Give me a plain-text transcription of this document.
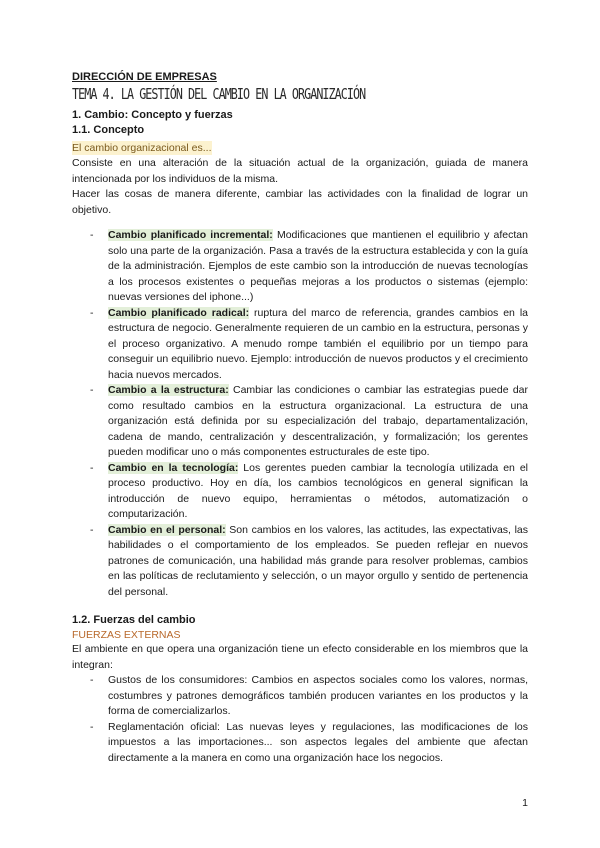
DIRECCIÓN DE EMPRESAS

TEMA 4. LA GESTIÓN DEL CAMBIO EN LA ORGANIZACIÓN

1. Cambio: Concepto y fuerzas

1.1. Concepto

El cambio organizacional es...

Consiste en una alteración de la situación actual de la organización, guiada de manera intencionada por los individuos de la misma.

Hacer las cosas de manera diferente, cambiar las actividades con la finalidad de lograr un objetivo.

- Cambio planificado incremental: Modificaciones que mantienen el equilibrio y afectan solo una parte de la organización. Pasa a través de la estructura establecida y con la guía de la administración. Ejemplos de este cambio son la introducción de nuevas tecnologías a los procesos existentes o pequeñas mejoras a los productos o sistemas (ejemplo: nuevas versiones del iphone...)
- Cambio planificado radical: ruptura del marco de referencia, grandes cambios en la estructura de negocio. Generalmente requieren de un cambio en la estructura, personas y el proceso organizativo. A menudo rompe también el equilibrio por un tiempo para conseguir un equilibrio nuevo. Ejemplo: introducción de nuevos productos y el crecimiento hacia nuevos mercados.
- Cambio a la estructura: Cambiar las condiciones o cambiar las estrategias puede dar como resultado cambios en la estructura organizacional. La estructura de una organización está definida por su especialización del trabajo, departamentalización, cadena de mando, centralización y descentralización, y formalización; los gerentes pueden modificar uno o más componentes estructurales de este tipo.
- Cambio en la tecnología: Los gerentes pueden cambiar la tecnología utilizada en el proceso productivo. Hoy en día, los cambios tecnológicos en general significan la introducción de nuevo equipo, herramientas o métodos, automatización o computarización.
- Cambio en el personal: Son cambios en los valores, las actitudes, las expectativas, las habilidades o el comportamiento de los empleados. Se pueden reflejar en nuevos patrones de comunicación, una habilidad más grande para resolver problemas, cambios en las políticas de reclutamiento y selección, o un mayor orgullo y sentido de pertenencia del personal.

1.2. Fuerzas del cambio

FUERZAS EXTERNAS

El ambiente en que opera una organización tiene un efecto considerable en los miembros que la integran:

- Gustos de los consumidores: Cambios en aspectos sociales como los valores, normas, costumbres y patrones demográficos también producen variantes en los productos y la forma de comercializarlos.
- Reglamentación oficial: Las nuevas leyes y regulaciones, las modificaciones de los impuestos a las importaciones... son aspectos legales del ambiente que afectan directamente a la manera en como una organización hace los negocios.
1
